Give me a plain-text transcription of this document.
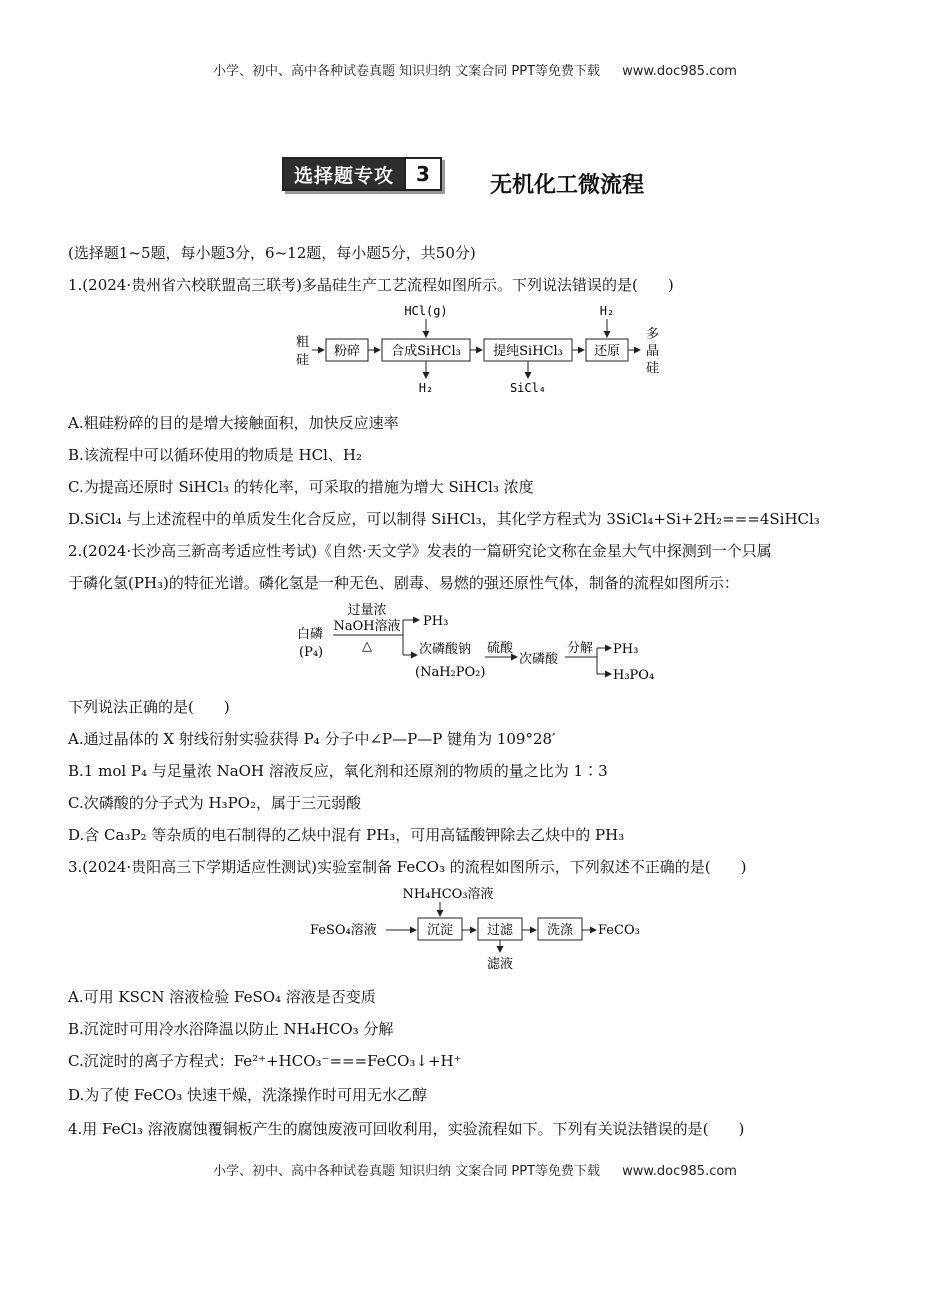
小学、初中、高中各种试卷真题 知识归纳 文案合同 PPT等免费下载 www.doc985.com
选择题专攻	3	无机化工微流程
(选择题1~5题，每小题3分，6~12题，每小题5分，共50分)
1.(2024·贵州省六校联盟高三联考)多晶硅生产工艺流程如图所示。下列说法错误的是(　　)
粗
硅
粉碎 合成SiHCl₃
HCl(g)
H₂
提纯SiHCl₃
SiCl₄
还原
H₂
多
晶
硅
A.粗硅粉碎的目的是增大接触面积，加快反应速率
B.该流程中可以循环使用的物质是 HCl、H₂
C.为提高还原时 SiHCl₃ 的转化率，可采取的措施为增大 SiHCl₃ 浓度
D.SiCl₄ 与上述流程中的单质发生化合反应，可以制得 SiHCl₃，其化学方程式为 3SiCl₄+Si+2H₂===4SiHCl₃
2.(2024·长沙高三新高考适应性考试)《自然·天文学》发表的一篇研究论文称在金星大气中探测到一个只属
于磷化氢(PH₃)的特征光谱。磷化氢是一种无色、剧毒、易燃的强还原性气体，制备的流程如图所示：
白磷
(P₄)
过量浓
NaOH溶液
△
PH₃
次磷酸钠
(NaH₂PO₂)
硫酸
次磷酸
分解 PH₃
H₃PO₄
下列说法正确的是(　　)
A.通过晶体的 X 射线衍射实验获得 P₄ 分子中∠P—P—P 键角为 109°28′
B.1 mol P₄ 与足量浓 NaOH 溶液反应，氧化剂和还原剂的物质的量之比为 1∶3
C.次磷酸的分子式为 H₃PO₂，属于三元弱酸
D.含 Ca₃P₂ 等杂质的电石制得的乙炔中混有 PH₃，可用高锰酸钾除去乙炔中的 PH₃
3.(2024·贵阳高三下学期适应性测试)实验室制备 FeCO₃ 的流程如图所示，下列叙述不正确的是(　　)
NH₄HCO₃溶液
FeSO₄溶液	沉淀	过滤
滤液
洗涤 FeCO₃
A.可用 KSCN 溶液检验 FeSO₄ 溶液是否变质
B.沉淀时可用冷水浴降温以防止 NH₄HCO₃ 分解
C.沉淀时的离子方程式：Fe²⁺+HCO₃⁻===FeCO₃↓+H⁺
D.为了使 FeCO₃ 快速干燥，洗涤操作时可用无水乙醇
4.用 FeCl₃ 溶液腐蚀覆铜板产生的腐蚀废液可回收利用，实验流程如下。下列有关说法错误的是(　　)
小学、初中、高中各种试卷真题 知识归纳 文案合同 PPT等免费下载 www.doc985.com
